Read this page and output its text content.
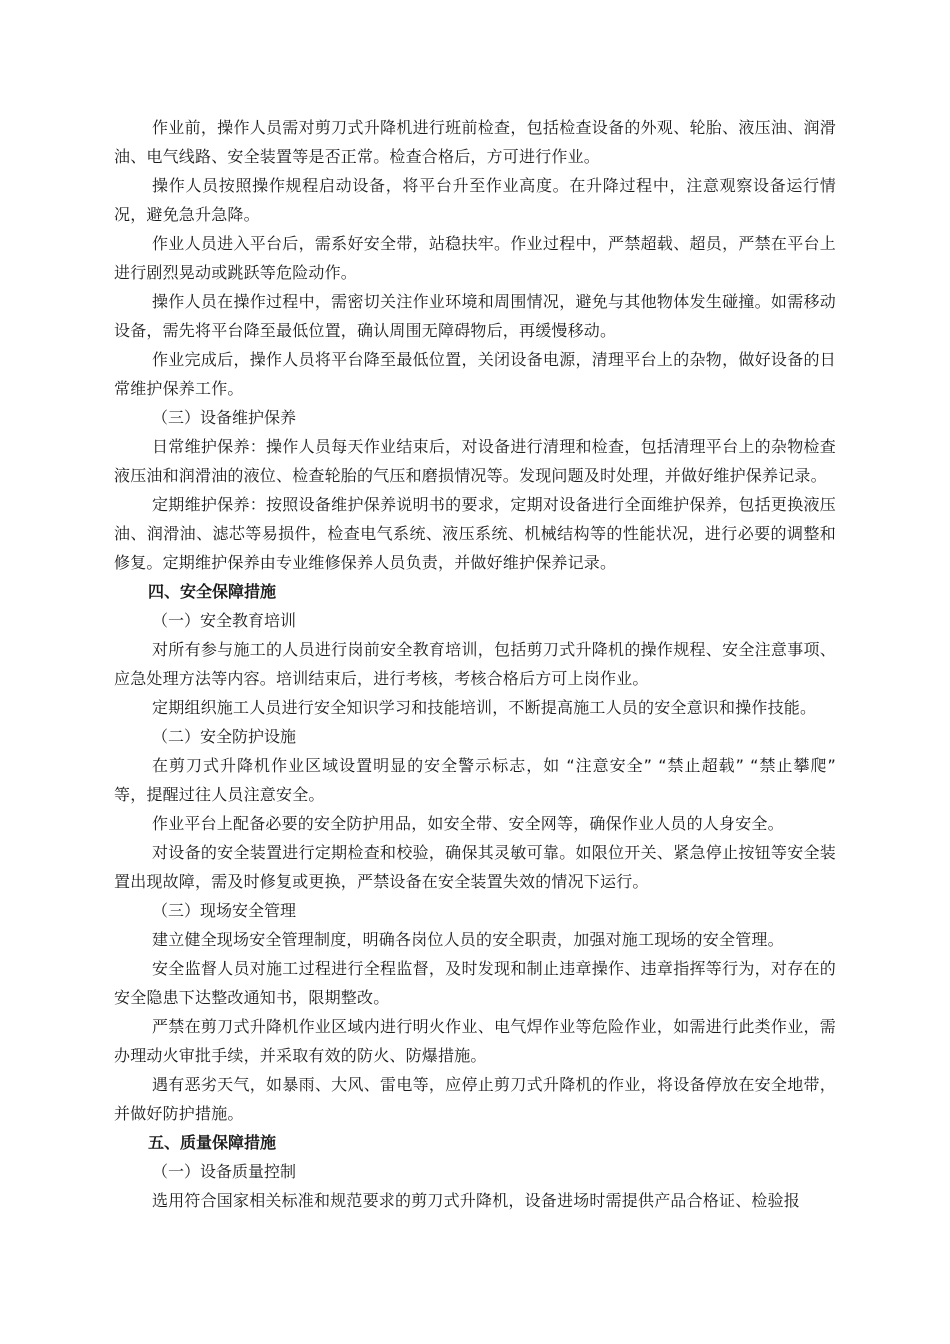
作业前，操作人员需对剪刀式升降机进行班前检查，包括检查设备的外观、轮胎、液压油、润滑油、电气线路、安全装置等是否正常。检查合格后，方可进行作业。

操作人员按照操作规程启动设备，将平台升至作业高度。在升降过程中，注意观察设备运行情况，避免急升急降。

作业人员进入平台后，需系好安全带，站稳扶牢。作业过程中，严禁超载、超员，严禁在平台上进行剧烈晃动或跳跃等危险动作。

操作人员在操作过程中，需密切关注作业环境和周围情况，避免与其他物体发生碰撞。如需移动设备，需先将平台降至最低位置，确认周围无障碍物后，再缓慢移动。

作业完成后，操作人员将平台降至最低位置，关闭设备电源，清理平台上的杂物，做好设备的日常维护保养工作。

（三）设备维护保养

日常维护保养：操作人员每天作业结束后，对设备进行清理和检查，包括清理平台上的杂物检查液压油和润滑油的液位、检查轮胎的气压和磨损情况等。发现问题及时处理，并做好维护保养记录。

定期维护保养：按照设备维护保养说明书的要求，定期对设备进行全面维护保养，包括更换液压油、润滑油、滤芯等易损件，检查电气系统、液压系统、机械结构等的性能状况，进行必要的调整和修复。定期维护保养由专业维修保养人员负责，并做好维护保养记录。

四、安全保障措施

（一）安全教育培训

对所有参与施工的人员进行岗前安全教育培训，包括剪刀式升降机的操作规程、安全注意事项、应急处理方法等内容。培训结束后，进行考核，考核合格后方可上岗作业。

定期组织施工人员进行安全知识学习和技能培训，不断提高施工人员的安全意识和操作技能。

（二）安全防护设施

在剪刀式升降机作业区域设置明显的安全警示标志，如 “注意安全” “禁止超载” “禁止攀爬” 等，提醒过往人员注意安全。

作业平台上配备必要的安全防护用品，如安全带、安全网等，确保作业人员的人身安全。

对设备的安全装置进行定期检查和校验，确保其灵敏可靠。如限位开关、紧急停止按钮等安全装置出现故障，需及时修复或更换，严禁设备在安全装置失效的情况下运行。

（三）现场安全管理

建立健全现场安全管理制度，明确各岗位人员的安全职责，加强对施工现场的安全管理。

安全监督人员对施工过程进行全程监督，及时发现和制止违章操作、违章指挥等行为，对存在的安全隐患下达整改通知书，限期整改。

严禁在剪刀式升降机作业区域内进行明火作业、电气焊作业等危险作业，如需进行此类作业，需办理动火审批手续，并采取有效的防火、防爆措施。

遇有恶劣天气，如暴雨、大风、雷电等，应停止剪刀式升降机的作业，将设备停放在安全地带，并做好防护措施。

五、质量保障措施

（一）设备质量控制

选用符合国家相关标准和规范要求的剪刀式升降机，设备进场时需提供产品合格证、检验报
